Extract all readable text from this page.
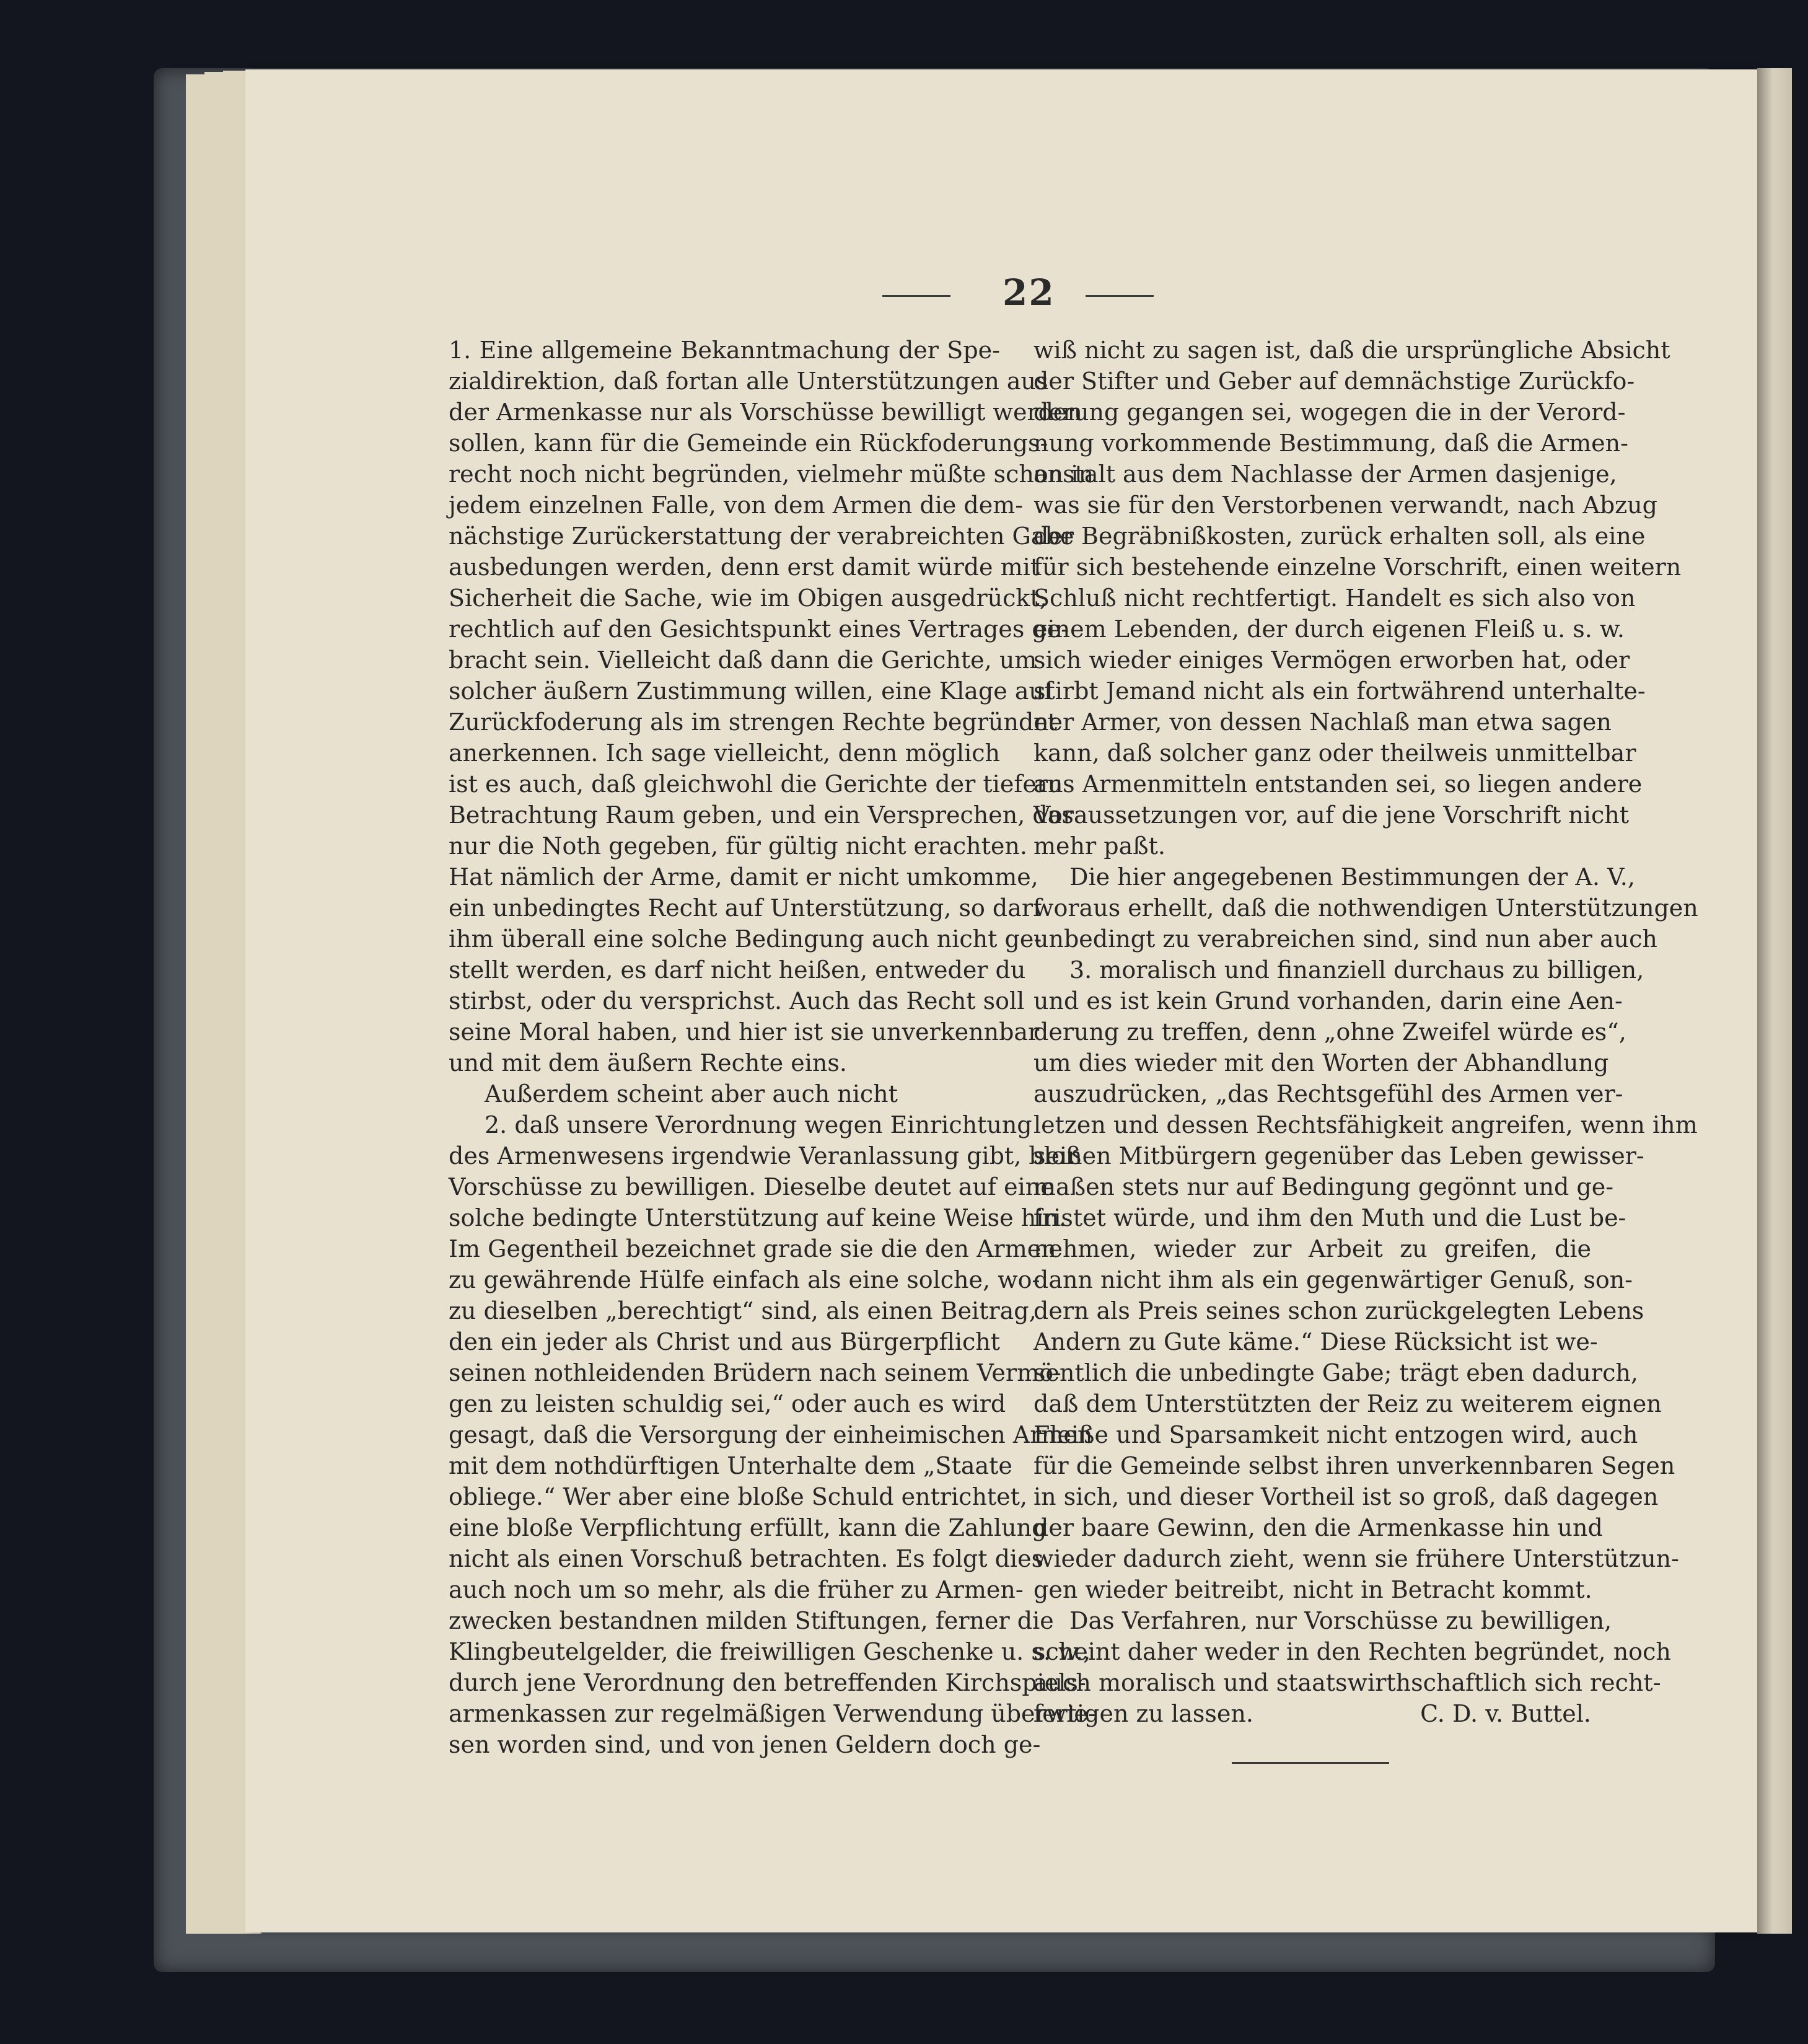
22

1. Eine allgemeine Bekanntmachung der Spe-

zialdirektion, daß fortan alle Unterstützungen aus

der Armenkasse nur als Vorschüsse bewilligt werden

sollen, kann für die Gemeinde ein Rückfoderungs-

recht noch nicht begründen, vielmehr müßte schon in

jedem einzelnen Falle, von dem Armen die dem-

nächstige Zurückerstattung der verabreichten Gabe

ausbedungen werden, denn erst damit würde mit

Sicherheit die Sache, wie im Obigen ausgedrückt,

rechtlich auf den Gesichtspunkt eines Vertrages ge-

bracht sein. Vielleicht daß dann die Gerichte, um

solcher äußern Zustimmung willen, eine Klage auf

Zurückfoderung als im strengen Rechte begründet

anerkennen. Ich sage vielleicht, denn möglich

ist es auch, daß gleichwohl die Gerichte der tiefern

Betrachtung Raum geben, und ein Versprechen, das

nur die Noth gegeben, für gültig nicht erachten.

Hat nämlich der Arme, damit er nicht umkomme,

ein unbedingtes Recht auf Unterstützung, so darf

ihm überall eine solche Bedingung auch nicht ge-

stellt werden, es darf nicht heißen, entweder du

stirbst, oder du versprichst. Auch das Recht soll

seine Moral haben, und hier ist sie unverkennbar

und mit dem äußern Rechte eins.

Außerdem scheint aber auch nicht

2. daß unsere Verordnung wegen Einrichtung

des Armenwesens irgendwie Veranlassung gibt, bloß

Vorschüsse zu bewilligen. Dieselbe deutet auf eine

solche bedingte Unterstützung auf keine Weise hin.

Im Gegentheil bezeichnet grade sie die den Armen

zu gewährende Hülfe einfach als eine solche, wo-

zu dieselben „berechtigt“ sind, als einen Beitrag,

den ein jeder als Christ und aus Bürgerpflicht

seinen nothleidenden Brüdern nach seinem Vermö-

gen zu leisten schuldig sei,“ oder auch es wird

gesagt, daß die Versorgung der einheimischen Armen

mit dem nothdürftigen Unterhalte dem „Staate

obliege.“ Wer aber eine bloße Schuld entrichtet,

eine bloße Verpflichtung erfüllt, kann die Zahlung

nicht als einen Vorschuß betrachten. Es folgt dies

auch noch um so mehr, als die früher zu Armen-

zwecken bestandnen milden Stiftungen, ferner die

Klingbeutelgelder, die freiwilligen Geschenke u. s. w.,

durch jene Verordnung den betreffenden Kirchspiels-

armenkassen zur regelmäßigen Verwendung überwie-

sen worden sind, und von jenen Geldern doch ge-

wiß nicht zu sagen ist, daß die ursprüngliche Absicht

der Stifter und Geber auf demnächstige Zurückfo-

derung gegangen sei, wogegen die in der Verord-

nung vorkommende Bestimmung, daß die Armen-

anstalt aus dem Nachlasse der Armen dasjenige,

was sie für den Verstorbenen verwandt, nach Abzug

der Begräbnißkosten, zurück erhalten soll, als eine

für sich bestehende einzelne Vorschrift, einen weitern

Schluß nicht rechtfertigt. Handelt es sich also von

einem Lebenden, der durch eigenen Fleiß u. s. w.

sich wieder einiges Vermögen erworben hat, oder

stirbt Jemand nicht als ein fortwährend unterhalte-

ner Armer, von dessen Nachlaß man etwa sagen

kann, daß solcher ganz oder theilweis unmittelbar

aus Armenmitteln entstanden sei, so liegen andere

Voraussetzungen vor, auf die jene Vorschrift nicht

mehr paßt.

Die hier angegebenen Bestimmungen der A. V.,

woraus erhellt, daß die nothwendigen Unterstützungen

unbedingt zu verabreichen sind, sind nun aber auch

3. moralisch und finanziell durchaus zu billigen,

und es ist kein Grund vorhanden, darin eine Aen-

derung zu treffen, denn „ohne Zweifel würde es“,

um dies wieder mit den Worten der Abhandlung

auszudrücken, „das Rechtsgefühl des Armen ver-

letzen und dessen Rechtsfähigkeit angreifen, wenn ihm

seinen Mitbürgern gegenüber das Leben gewisser-

maßen stets nur auf Bedingung gegönnt und ge-

fristet würde, und ihm den Muth und die Lust be-

nehmen, wieder zur Arbeit zu greifen, die

dann nicht ihm als ein gegenwärtiger Genuß, son-

dern als Preis seines schon zurückgelegten Lebens

Andern zu Gute käme.“ Diese Rücksicht ist we-

sentlich die unbedingte Gabe; trägt eben dadurch,

daß dem Unterstützten der Reiz zu weiterem eignen

Fleiße und Sparsamkeit nicht entzogen wird, auch

für die Gemeinde selbst ihren unverkennbaren Segen

in sich, und dieser Vortheil ist so groß, daß dagegen

der baare Gewinn, den die Armenkasse hin und

wieder dadurch zieht, wenn sie frühere Unterstützun-

gen wieder beitreibt, nicht in Betracht kommt.

Das Verfahren, nur Vorschüsse zu bewilligen,

scheint daher weder in den Rechten begründet, noch

auch moralisch und staatswirthschaftlich sich recht-

fertigen zu lassen.	C. D. v. Buttel.
